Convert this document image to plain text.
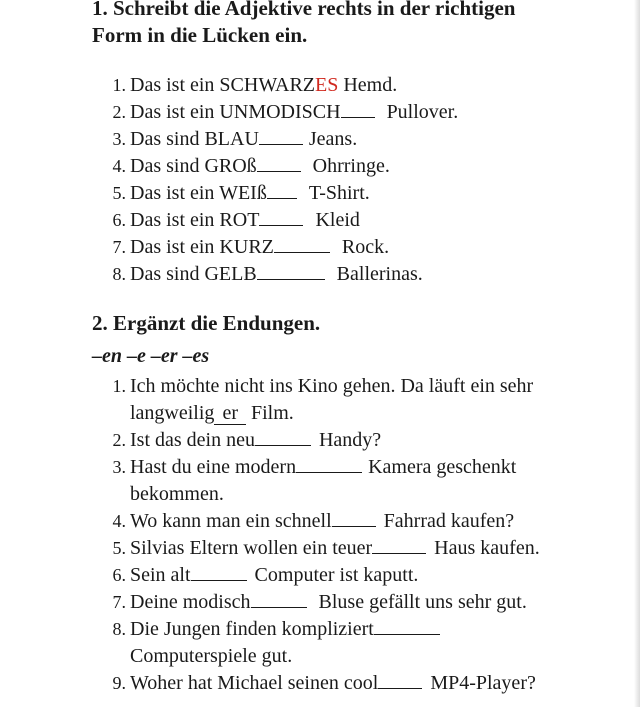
1. Schreibt die Adjektive rechts in der richtigen
Form in die Lücken ein.
1. Das ist ein SCHWARZES Hemd.
2. Das ist ein UNMODISCH Pullover.
3. Das sind BLAU	Jeans.
4. Das sind GROß	Ohrringe.
5. Das ist ein WEIß T-Shirt.
6. Das ist ein ROT	Kleid
7. Das ist ein KURZ	Rock.
8. Das sind GELB	Ballerinas.
2. Ergänzt die Endungen.
–en –e –er –es
1. Ich möchte nicht ins Kino gehen. Da läuft ein sehr
langweilig er Film.
2. Ist das dein neu	Handy?
3. Hast du eine modern	Kamera geschenkt
bekommen.
4. Wo kann man ein schnell	Fahrrad kaufen?
5. Silvias Eltern wollen ein teuer	Haus kaufen.
6. Sein alt	Computer ist kaputt.
7. Deine modisch	Bluse gefällt uns sehr gut.
8. Die Jungen finden kompliziert
Computerspiele gut.
9. Woher hat Michael seinen cool	MP4-Player?
